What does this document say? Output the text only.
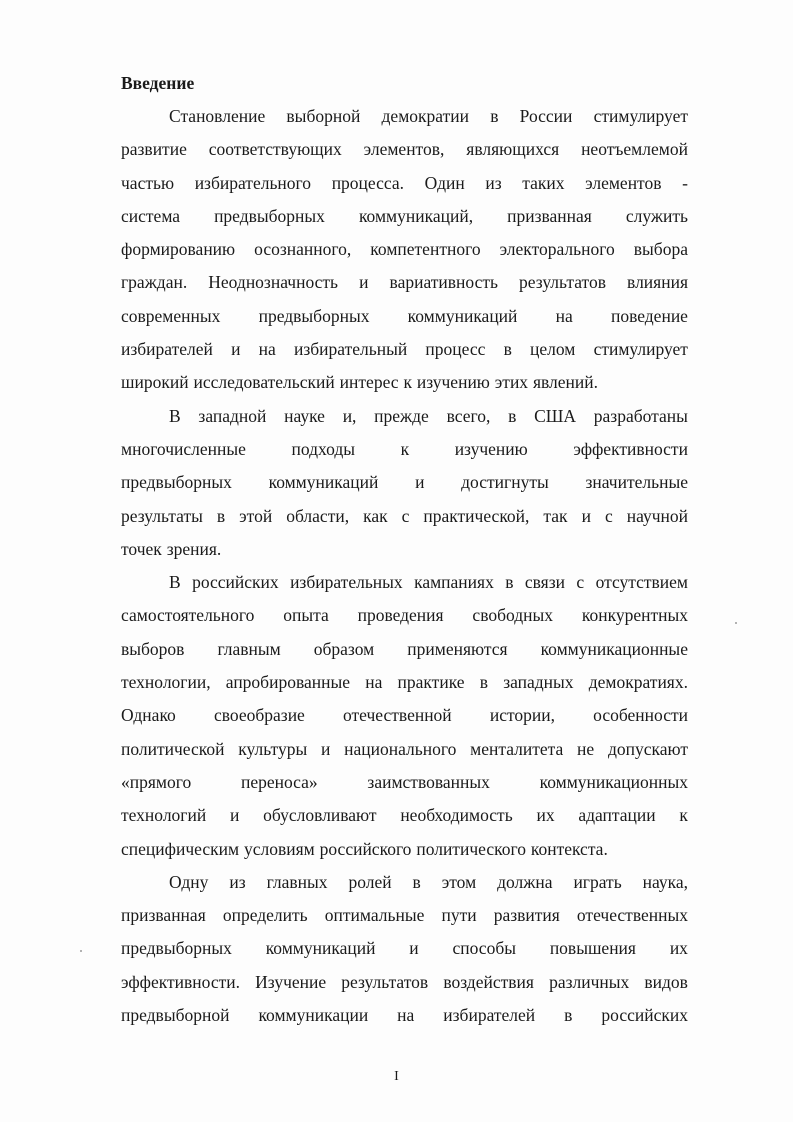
Введение
Становление выборной демократии в России стимулирует
развитие соответствующих элементов, являющихся неотъемлемой
частью избирательного процесса. Один из таких элементов -
система предвыборных коммуникаций, призванная служить
формированию осознанного, компетентного электорального выбора
граждан. Неоднозначность и вариативность результатов влияния
современных предвыборных коммуникаций на поведение
избирателей и на избирательный процесс в целом стимулирует
широкий исследовательский интерес к изучению этих явлений.
В западной науке и, прежде всего, в США разработаны
многочисленные	подходы	к	изучению	эффективности
предвыборных коммуникаций и достигнуты значительные
результаты в этой области, как с практической, так и с научной
точек зрения.
В российских избирательных кампаниях в связи с отсутствием
самостоятельного опыта проведения свободных конкурентных
выборов главным образом применяются коммуникационные
технологии, апробированные на практике в западных демократиях.
Однако своеобразие отечественной истории, особенности
политической культуры и национального менталитета не допускают
«прямого	переноса»	заимствованных	коммуникационных
технологий и обусловливают необходимость их адаптации к
специфическим условиям российского политического контекста.
Одну из главных ролей в этом должна играть наука,
призванная определить оптимальные пути развития отечественных
предвыборных коммуникаций и способы повышения их
эффективности. Изучение результатов воздействия различных видов
предвыборной коммуникации на избирателей в российских
I
